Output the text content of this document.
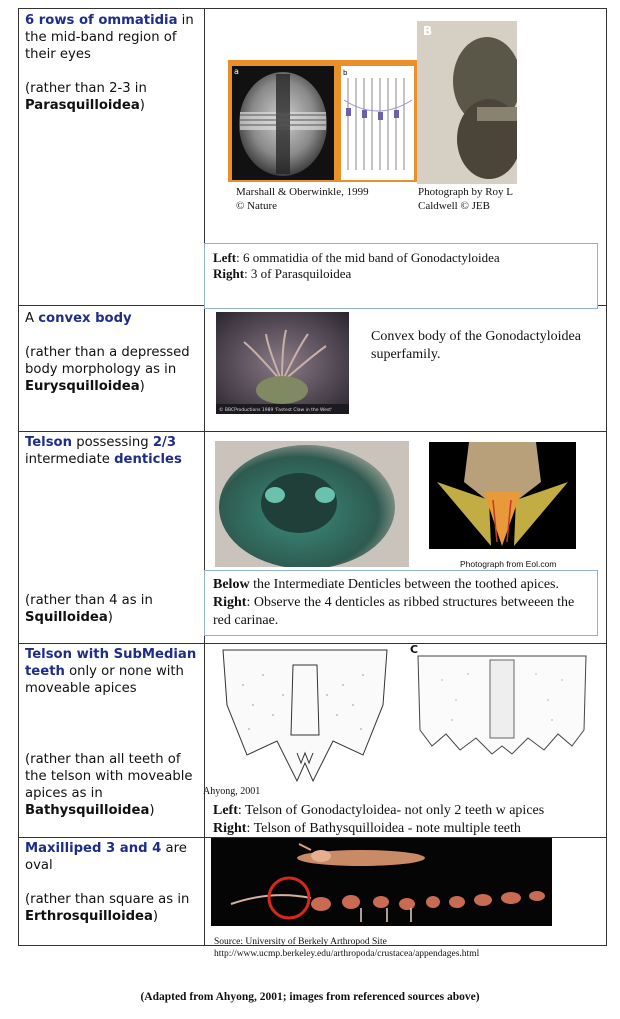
6 rows of ommatidia in the mid-band region of their eyes

(rather than 2-3 in Parasquilloidea)
a	b
B
Marshall & Oberwinkle, 1999
© Nature
Photograph by Roy L
Caldwell © JEB
Left: 6 ommatidia of the mid band of Gonodactyloidea
Right: 3 of Parasquiloidea
A convex body

(rather than a depressed body morphology as in Eurysquilloidea)
© BBCProductions 1989 'Fastest Claw in the West'
Convex body of the Gonodactyloidea superfamily.
Telson possessing 2/3 intermediate denticles
(rather than 4 as in Squilloidea)
Photograph from Eol.com
Below the Intermediate Denticles between the toothed apices. Right: Observe the 4 denticles as ribbed structures betweeen the red carinae.
Telson with SubMedian teeth only or none with moveable apices
(rather than all teeth of the telson with moveable apices as in Bathysquilloidea)
C
Ahyong, 2001
Left: Telson of Gonodactyloidea- not only 2 teeth w apices
Right: Telson of Bathysquilloidea - note multiple teeth
Maxilliped 3 and 4 are oval

(rather than square as in Erthrosquilloidea)
Source: University of Berkely Arthropod Site
http://www.ucmp.berkeley.edu/arthropoda/crustacea/appendages.html
(Adapted from Ahyong, 2001; images from referenced sources above)
